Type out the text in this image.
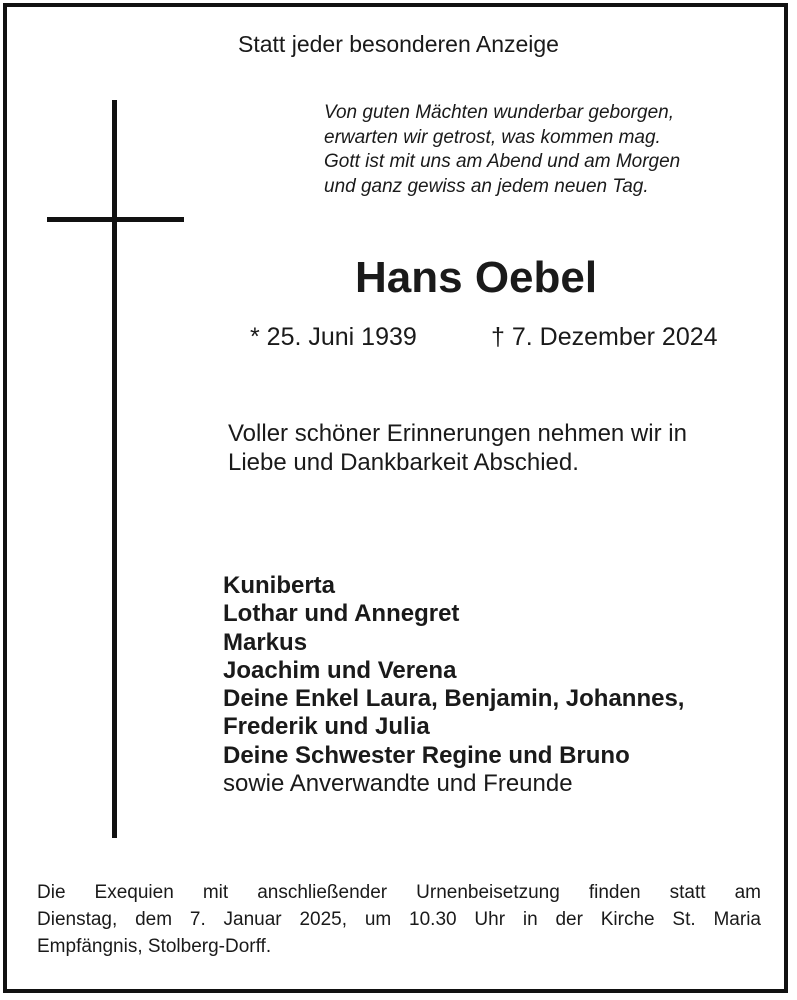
Statt jeder besonderen Anzeige
Von guten Mächten wunderbar geborgen,
erwarten wir getrost, was kommen mag.
Gott ist mit uns am Abend und am Morgen
und ganz gewiss an jedem neuen Tag.
Hans Oebel
* 25. Juni 1939	† 7. Dezember 2024
Voller schöner Erinnerungen nehmen wir in
Liebe und Dankbarkeit Abschied.
Kuniberta
Lothar und Annegret
Markus
Joachim und Verena
Deine Enkel Laura, Benjamin, Johannes,
Frederik und Julia
Deine Schwester Regine und Bruno
sowie Anverwandte und Freunde
Die Exequien mit anschließender Urnenbeisetzung finden statt am
Dienstag, dem 7. Januar 2025, um 10.30 Uhr in der Kirche St. Maria
Empfängnis, Stolberg-Dorff.
